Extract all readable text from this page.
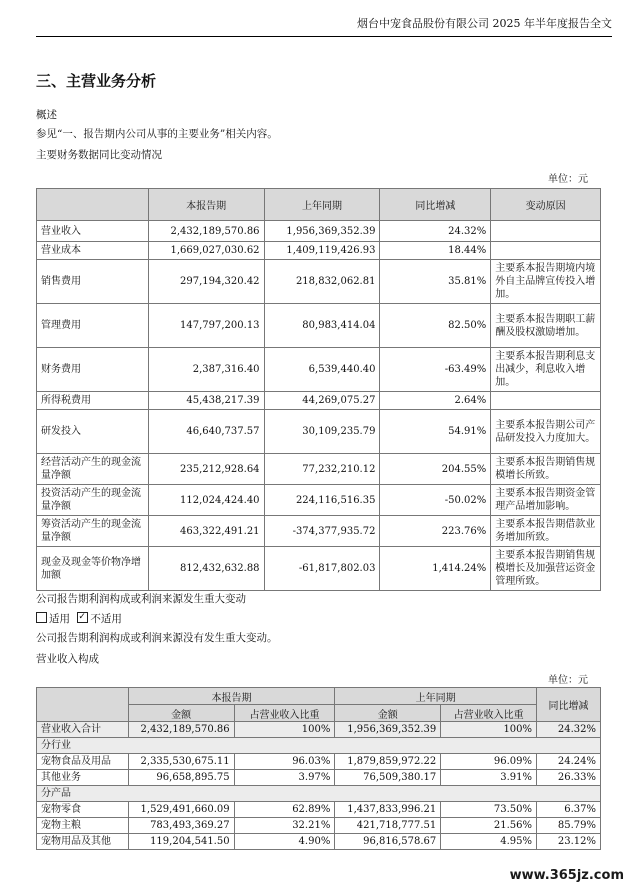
烟台中宠食品股份有限公司 2025 年半年度报告全文
三、主营业务分析
概述
参见“一、报告期内公司从事的主要业务”相关内容。
主要财务数据同比变动情况
单位：元
	本报告期	上年同期	同比增减	变动原因
营业收入	2,432,189,570.86	1,956,369,352.39	24.32%	
营业成本	1,669,027,030.62	1,409,119,426.93	18.44%	
销售费用	297,194,320.42	218,832,062.81	35.81%	主要系本报告期境内境外自主品牌宣传投入增加。
管理费用	147,797,200.13	80,983,414.04	82.50%	主要系本报告期职工薪酬及股权激励增加。
财务费用	2,387,316.40	6,539,440.40	-63.49%	主要系本报告期利息支出减少，利息收入增加。
所得税费用	45,438,217.39	44,269,075.27	2.64%	
研发投入	46,640,737.57	30,109,235.79	54.91%	主要系本报告期公司产品研发投入力度加大。
经营活动产生的现金流量净额	235,212,928.64	77,232,210.12	204.55%	主要系本报告期销售规模增长所致。
投资活动产生的现金流量净额	112,024,424.40	224,116,516.35	-50.02%	主要系本报告期资金管理产品增加影响。
筹资活动产生的现金流量净额	463,322,491.21	-374,377,935.72	223.76%	主要系本报告期借款业务增加所致。
现金及现金等价物净增加额	812,432,632.88	-61,817,802.03	1,414.24%	主要系本报告期销售规模增长及加强营运资金管理所致。
公司报告期利润构成或利润来源发生重大变动
适用 ✓ 不适用
公司报告期利润构成或利润来源没有发生重大变动。
营业收入构成
单位：元
	本报告期		上年同期		同比增减
	金额	占营业收入比重	金额	占营业收入比重	
营业收入合计	2,432,189,570.86	100%	1,956,369,352.39	100%	24.32%
分行业					
宠物食品及用品	2,335,530,675.11	96.03%	1,879,859,972.22	96.09%	24.24%
其他业务	96,658,895.75	3.97%	76,509,380.17	3.91%	26.33%
分产品					
宠物零食	1,529,491,660.09	62.89%	1,437,833,996.21	73.50%	6.37%
宠物主粮	783,493,369.27	32.21%	421,718,777.51	21.56%	85.79%
宠物用品及其他	119,204,541.50	4.90%	96,816,578.67	4.95%	23.12%
www.365jz.com
